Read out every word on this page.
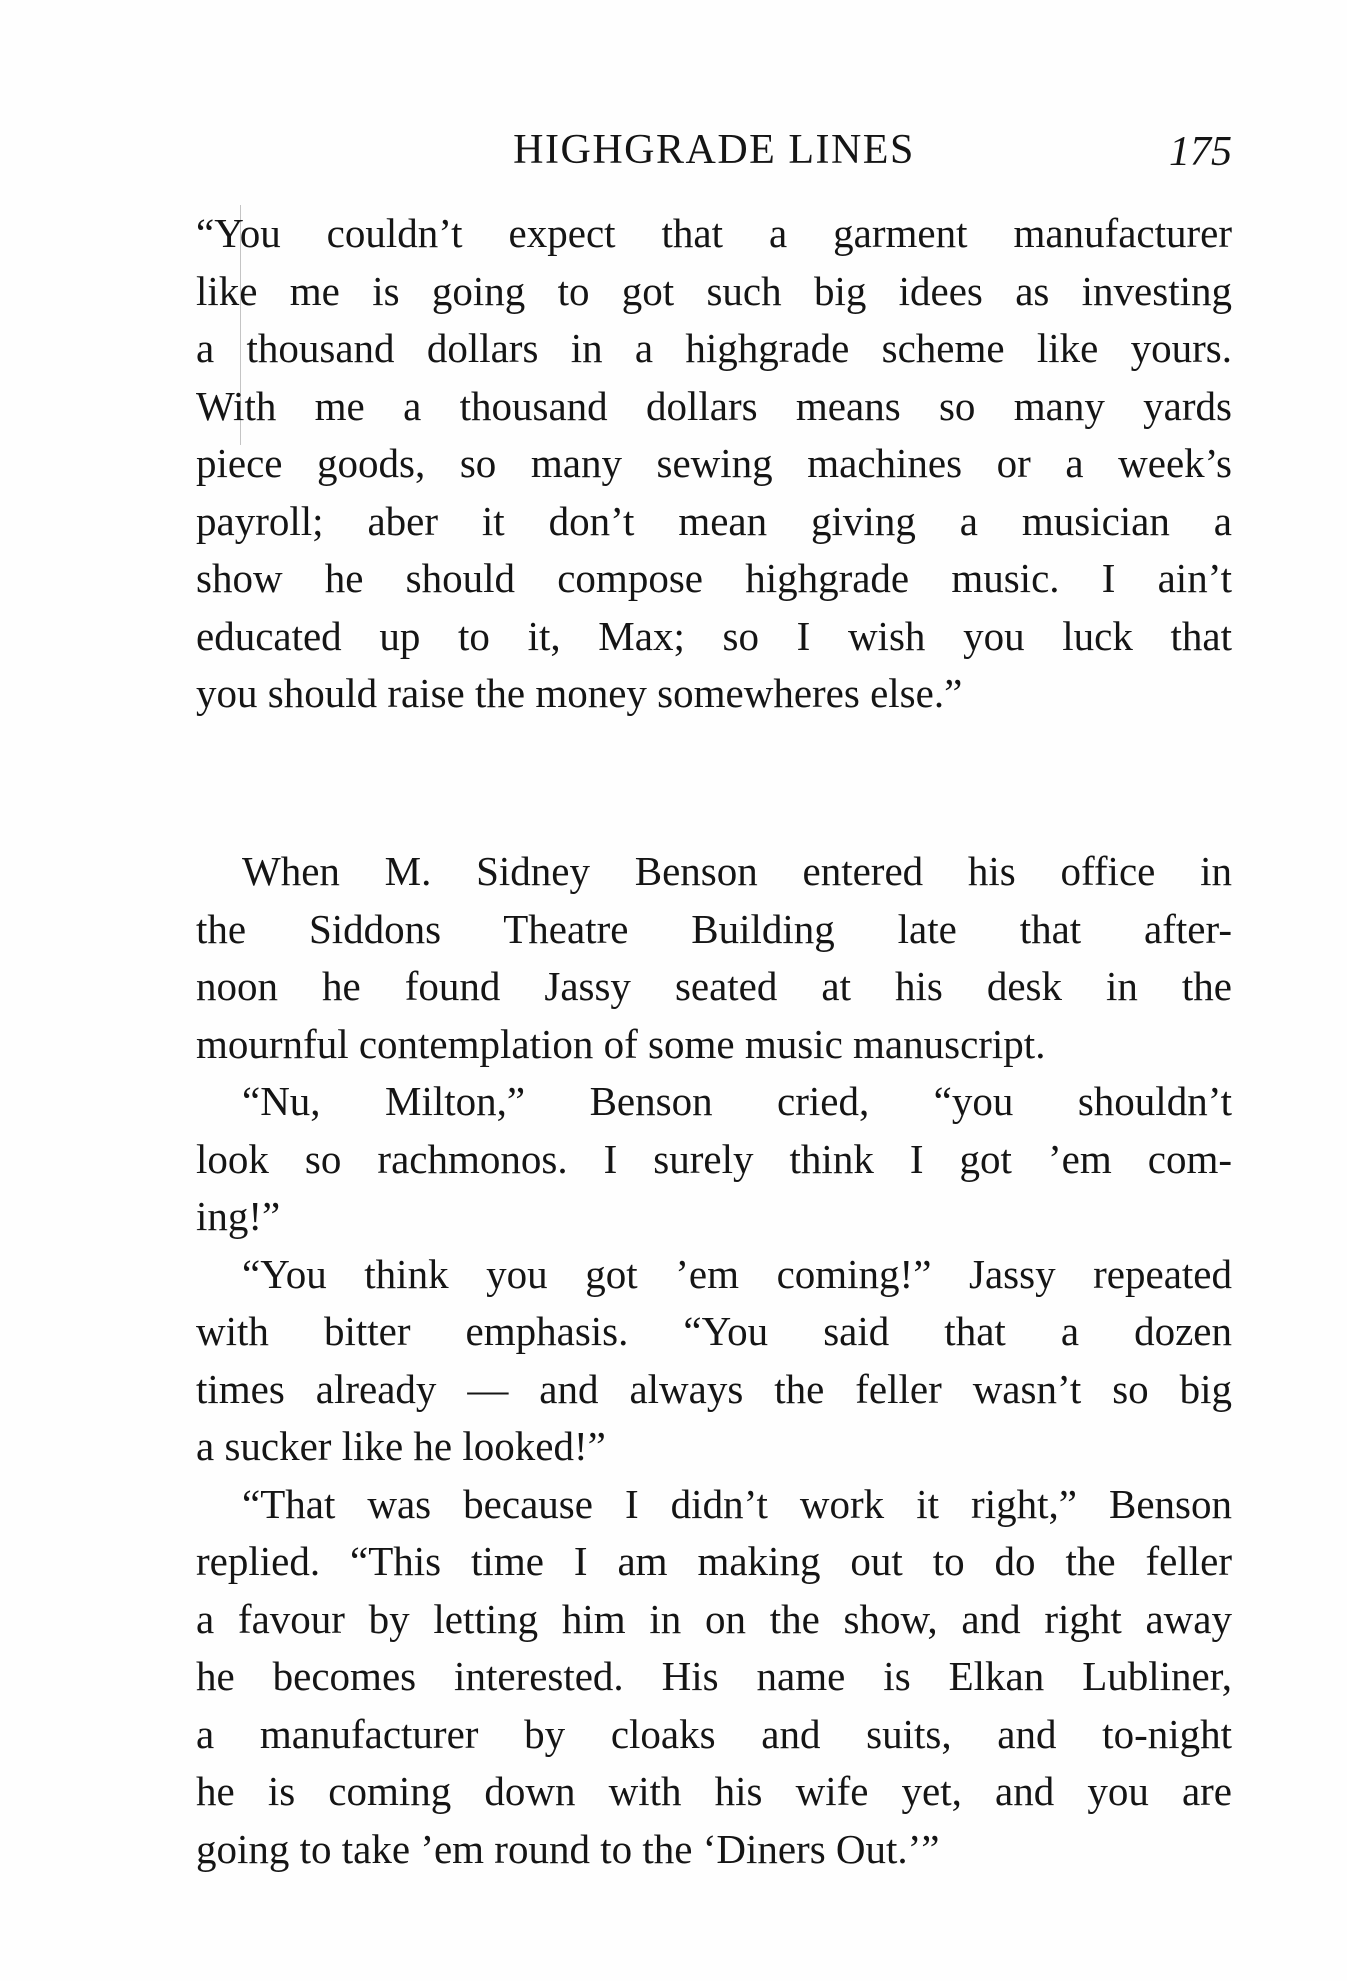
HIGHGRADE LINES	175
“You couldn’t expect that a garment manufacturer
like me is going to got such big idees as investing
a thousand dollars in a highgrade scheme like yours.
With me a thousand dollars means so many yards
piece goods, so many sewing machines or a week’s
payroll; aber it don’t mean giving a musician a
show he should compose highgrade music. I ain’t
educated up to it, Max; so I wish you luck that
you should raise the money somewheres else.”
When M. Sidney Benson entered his office in
the Siddons Theatre Building late that after-
noon he found Jassy seated at his desk in the
mournful contemplation of some music manuscript.
“Nu, Milton,” Benson cried, “you shouldn’t
look so rachmonos. I surely think I got ’em com-
ing!”
“You think you got ’em coming!” Jassy repeated
with bitter emphasis. “You said that a dozen
times already — and always the feller wasn’t so big
a sucker like he looked!”
“That was because I didn’t work it right,” Benson
replied. “This time I am making out to do the feller
a favour by letting him in on the show, and right away
he becomes interested. His name is Elkan Lubliner,
a manufacturer by cloaks and suits, and to-night
he is coming down with his wife yet, and you are
going to take ’em round to the ‘Diners Out.’”
